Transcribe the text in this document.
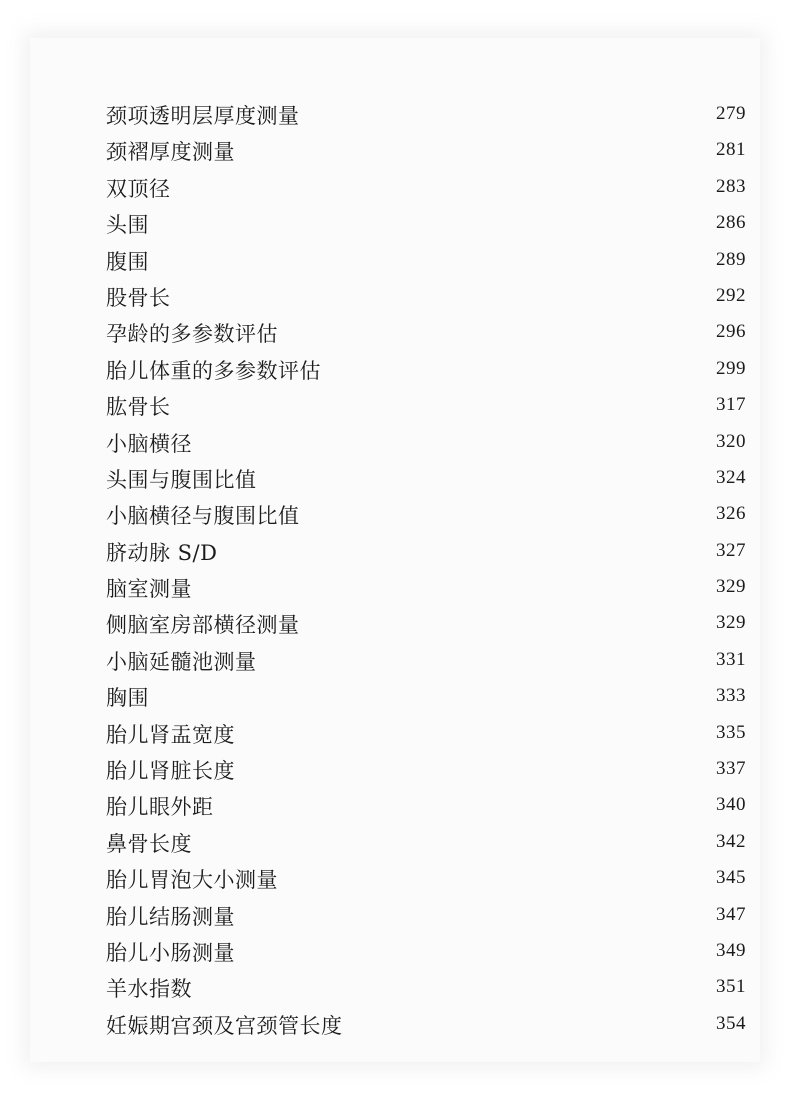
颈项透明层厚度测量	279
颈褶厚度测量	281
双顶径	283
头围	286
腹围	289
股骨长	292
孕龄的多参数评估	296
胎儿体重的多参数评估	299
肱骨长	317
小脑横径	320
头围与腹围比值	324
小脑横径与腹围比值	326
脐动脉 S/D	327
脑室测量	329
侧脑室房部横径测量	329
小脑延髓池测量	331
胸围	333
胎儿肾盂宽度	335
胎儿肾脏长度	337
胎儿眼外距	340
鼻骨长度	342
胎儿胃泡大小测量	345
胎儿结肠测量	347
胎儿小肠测量	349
羊水指数	351
妊娠期宫颈及宫颈管长度	354
